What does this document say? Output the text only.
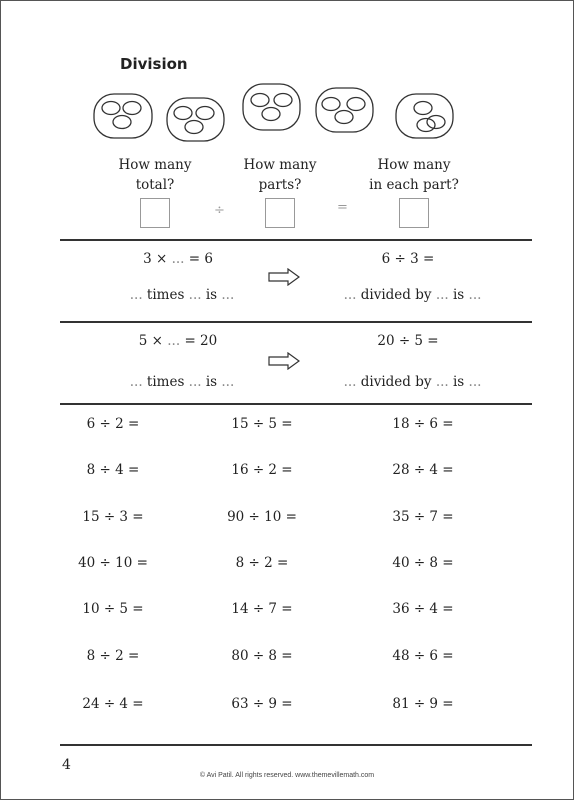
Division
How many
total?
How many
parts?
How many
in each part?
÷	=
3 × ... = 6
... times ... is ...
6 ÷ 3 =
... divided by ... is ...
5 × ... = 20
... times ... is ...
20 ÷ 5 =
... divided by ... is ...
6 ÷ 2 =	15 ÷ 5 =	18 ÷ 6 =
8 ÷ 4 =	16 ÷ 2 =	28 ÷ 4 =
15 ÷ 3 =	90 ÷ 10 =	35 ÷ 7 =
40 ÷ 10 =	8 ÷ 2 =	40 ÷ 8 =
10 ÷ 5 =	14 ÷ 7 =	36 ÷ 4 =
8 ÷ 2 =	80 ÷ 8 =	48 ÷ 6 =
24 ÷ 4 =	63 ÷ 9 =	81 ÷ 9 =
4
© Avi Patil. All rights reserved. www.themevillemath.com
